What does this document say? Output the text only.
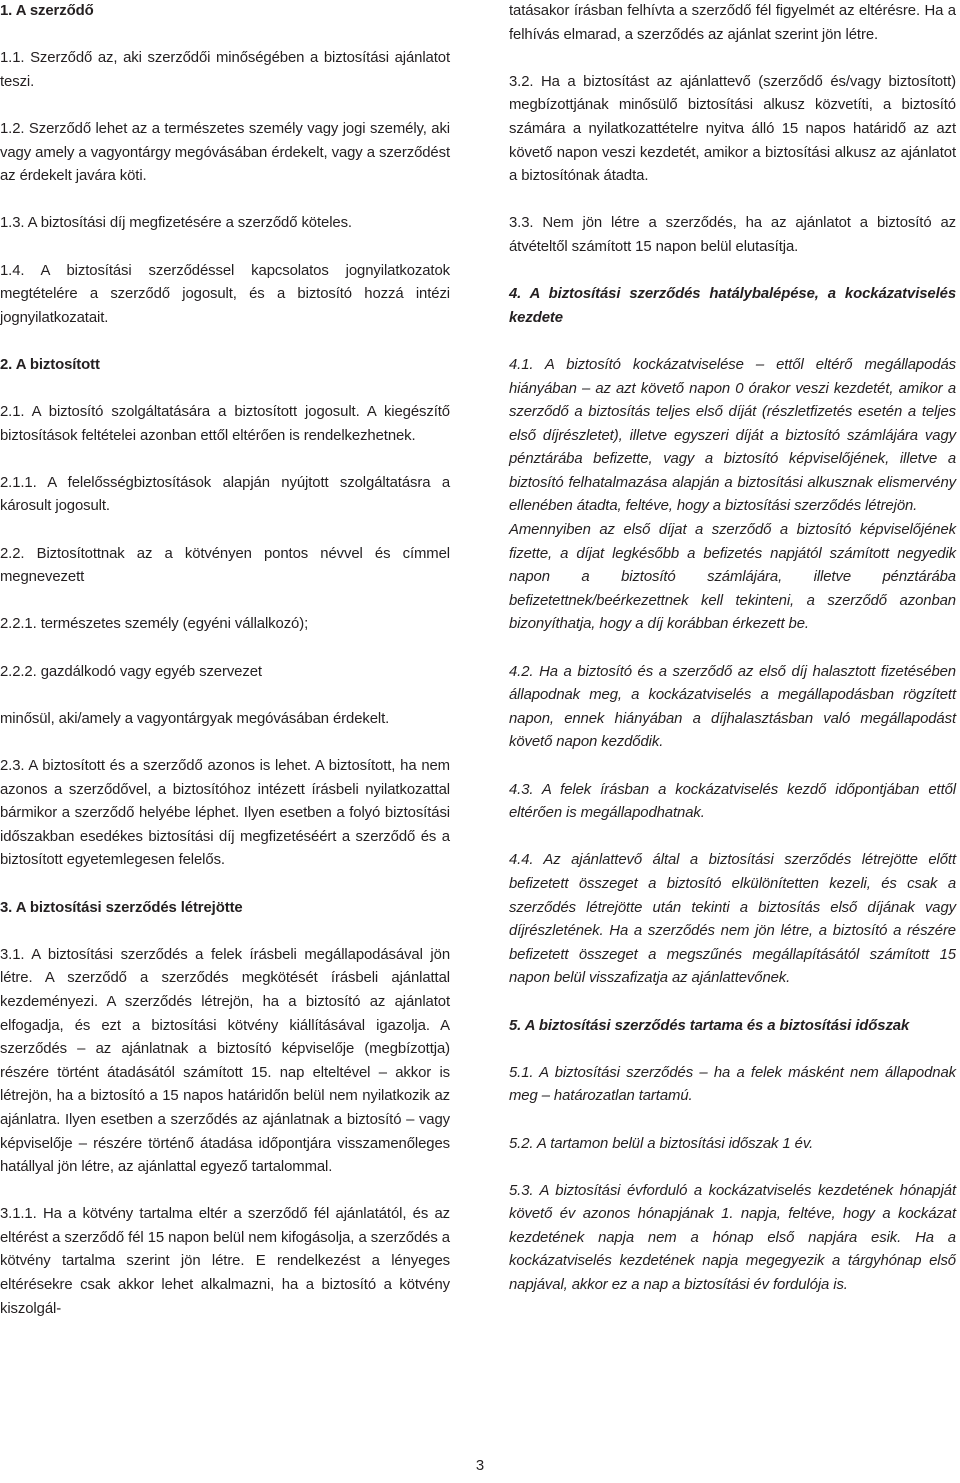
1. A szerződő

1.1. Szerződő az, aki szerződői minőségében a biztosítási ajánlatot teszi.

1.2. Szerződő lehet az a természetes személy vagy jogi személy, aki vagy amely a vagyontárgy megóvásában érdekelt, vagy a szerződést az érdekelt javára köti.

1.3. A biztosítási díj megfizetésére a szerződő köteles.

1.4. A biztosítási szerződéssel kapcsolatos jognyilatkozatok megtételére a szerződő jogosult, és a biztosító hozzá intézi jognyilatkozatait.

2. A biztosított

2.1. A biztosító szolgáltatására a biztosított jogosult. A kiegészítő biztosítások feltételei azonban ettől eltérően is rendelkezhetnek.

2.1.1. A felelősségbiztosítások alapján nyújtott szolgáltatásra a károsult jogosult.

2.2. Biztosítottnak az a kötvényen pontos névvel és címmel megnevezett

2.2.1. természetes személy (egyéni vállalkozó);

2.2.2. gazdálkodó vagy egyéb szervezet

minősül, aki/amely a vagyontárgyak megóvásában érdekelt.

2.3. A biztosított és a szerződő azonos is lehet. A biztosított, ha nem azonos a szerződővel, a biztosítóhoz intézett írásbeli nyilatkozattal bármikor a szerződő helyébe léphet. Ilyen esetben a folyó biztosítási időszakban esedékes biztosítási díj megfizetéséért a szerződő és a biztosított egyetemlegesen felelős.

3. A biztosítási szerződés létrejötte

3.1. A biztosítási szerződés a felek írásbeli megállapodásával jön létre. A szerződő a szerződés megkötését írásbeli ajánlattal kezdeményezi. A szerződés létrejön, ha a biztosító az ajánlatot elfogadja, és ezt a biztosítási kötvény kiállításával igazolja. A szerződés – az ajánlatnak a biztosító képviselője (megbízottja) részére történt átadásától számított 15. nap elteltével – akkor is létrejön, ha a biztosító a 15 napos határidőn belül nem nyilatkozik az ajánlatra. Ilyen esetben a szerződés az ajánlatnak a biztosító – vagy képviselője – részére történő átadása időpontjára visszamenőleges hatállyal jön létre, az ajánlattal egyező tartalommal.

3.1.1. Ha a kötvény tartalma eltér a szerződő fél ajánlatától, és az eltérést a szerződő fél 15 napon belül nem kifogásolja, a szerződés a kötvény tartalma szerint jön létre. E rendelkezést a lényeges eltérésekre csak akkor lehet alkalmazni, ha a biztosító a kötvény kiszolgál-

tatásakor írásban felhívta a szerződő fél figyelmét az eltérésre. Ha a felhívás elmarad, a szerződés az ajánlat szerint jön létre.

3.2. Ha a biztosítást az ajánlattevő (szerződő és/vagy biztosított) megbízottjának minősülő biztosítási alkusz közvetíti, a biztosító számára a nyilatkozattételre nyitva álló 15 napos határidő az azt követő napon veszi kezdetét, amikor a biztosítási alkusz az ajánlatot a biztosítónak átadta.

3.3. Nem jön létre a szerződés, ha az ajánlatot a biztosító az átvételtől számított 15 napon belül elutasítja.

4. A biztosítási szerződés hatálybalépése, a kockázatviselés kezdete

4.1. A biztosító kockázatviselése – ettől eltérő megállapodás hiányában – az azt követő napon 0 órakor veszi kezdetét, amikor a szerződő a biztosítás teljes első díját (részletfizetés esetén a teljes első díjrészletet), illetve egyszeri díját a biztosító számlájára vagy pénztárába befizette, vagy a biztosító képviselőjének, illetve a biztosító felhatalmazása alapján a biztosítási alkusznak elismervény ellenében átadta, feltéve, hogy a biztosítási szerződés létrejön.

Amennyiben az első díjat a szerződő a biztosító képviselőjének fizette, a díjat legkésőbb a befizetés napjától számított negyedik napon a biztosító számlájára, illetve pénztárába befizetettnek/beérkezettnek kell tekinteni, a szerződő azonban bizonyíthatja, hogy a díj korábban érkezett be.

4.2. Ha a biztosító és a szerződő az első díj halasztott fizetésében állapodnak meg, a kockázatviselés a megállapodásban rögzített napon, ennek hiányában a díjhalasztásban való megállapodást követő napon kezdődik.

4.3. A felek írásban a kockázatviselés kezdő időpontjában ettől eltérően is megállapodhatnak.

4.4. Az ajánlattevő által a biztosítási szerződés létrejötte előtt befizetett összeget a biztosító elkülönítetten kezeli, és csak a szerződés létrejötte után tekinti a biztosítás első díjának vagy díjrészletének. Ha a szerződés nem jön létre, a biztosító a részére befizetett összeget a megszűnés megállapításától számított 15 napon belül visszafizatja az ajánlattevőnek.

5. A biztosítási szerződés tartama és a biztosítási időszak

5.1. A biztosítási szerződés – ha a felek másként nem állapodnak meg – határozatlan tartamú.

5.2. A tartamon belül a biztosítási időszak 1 év.

5.3. A biztosítási évforduló a kockázatviselés kezdetének hónapját követő év azonos hónapjának 1. napja, feltéve, hogy a kockázat kezdetének napja nem a hónap első napjára esik. Ha a kockázatviselés kezdetének napja megegyezik a tárgyhónap első napjával, akkor ez a nap a biztosítási év fordulója is.

3
